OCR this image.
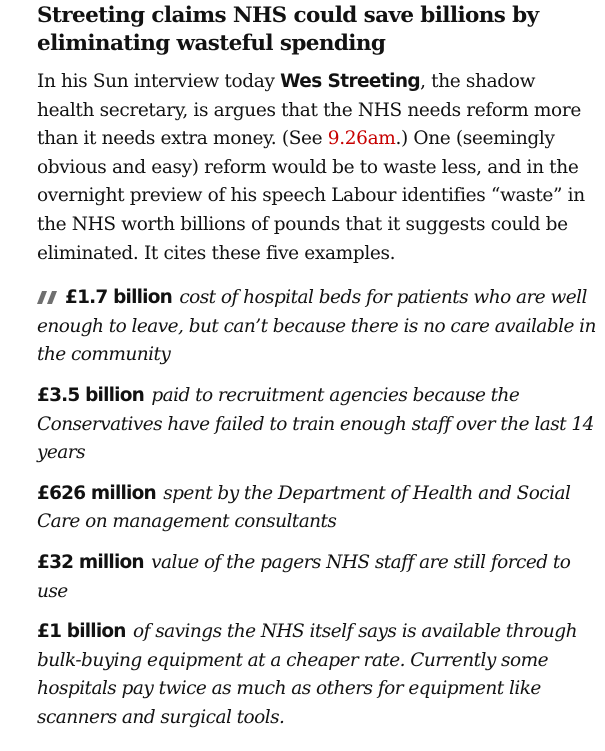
Streeting claims NHS could save billions by eliminating wasteful spending

In his Sun interview today Wes Streeting, the shadow health secretary, is argues that the NHS needs reform more than it needs extra money. (See 9.26am.) One (seemingly obvious and easy) reform would be to waste less, and in the overnight preview of his speech Labour identifies “waste” in the NHS worth billions of pounds that it suggests could be eliminated. It cites these five examples.

£1.7 billion cost of hospital beds for patients who are well enough to leave, but can’t because there is no care available in the community

£3.5 billion paid to recruitment agencies because the Conservatives have failed to train enough staff over the last 14 years

£626 million spent by the Department of Health and Social Care on management consultants

£32 million value of the pagers NHS staff are still forced to use

£1 billion of savings the NHS itself says is available through bulk-buying equipment at a cheaper rate. Currently some hospitals pay twice as much as others for equipment like scanners and surgical tools.
